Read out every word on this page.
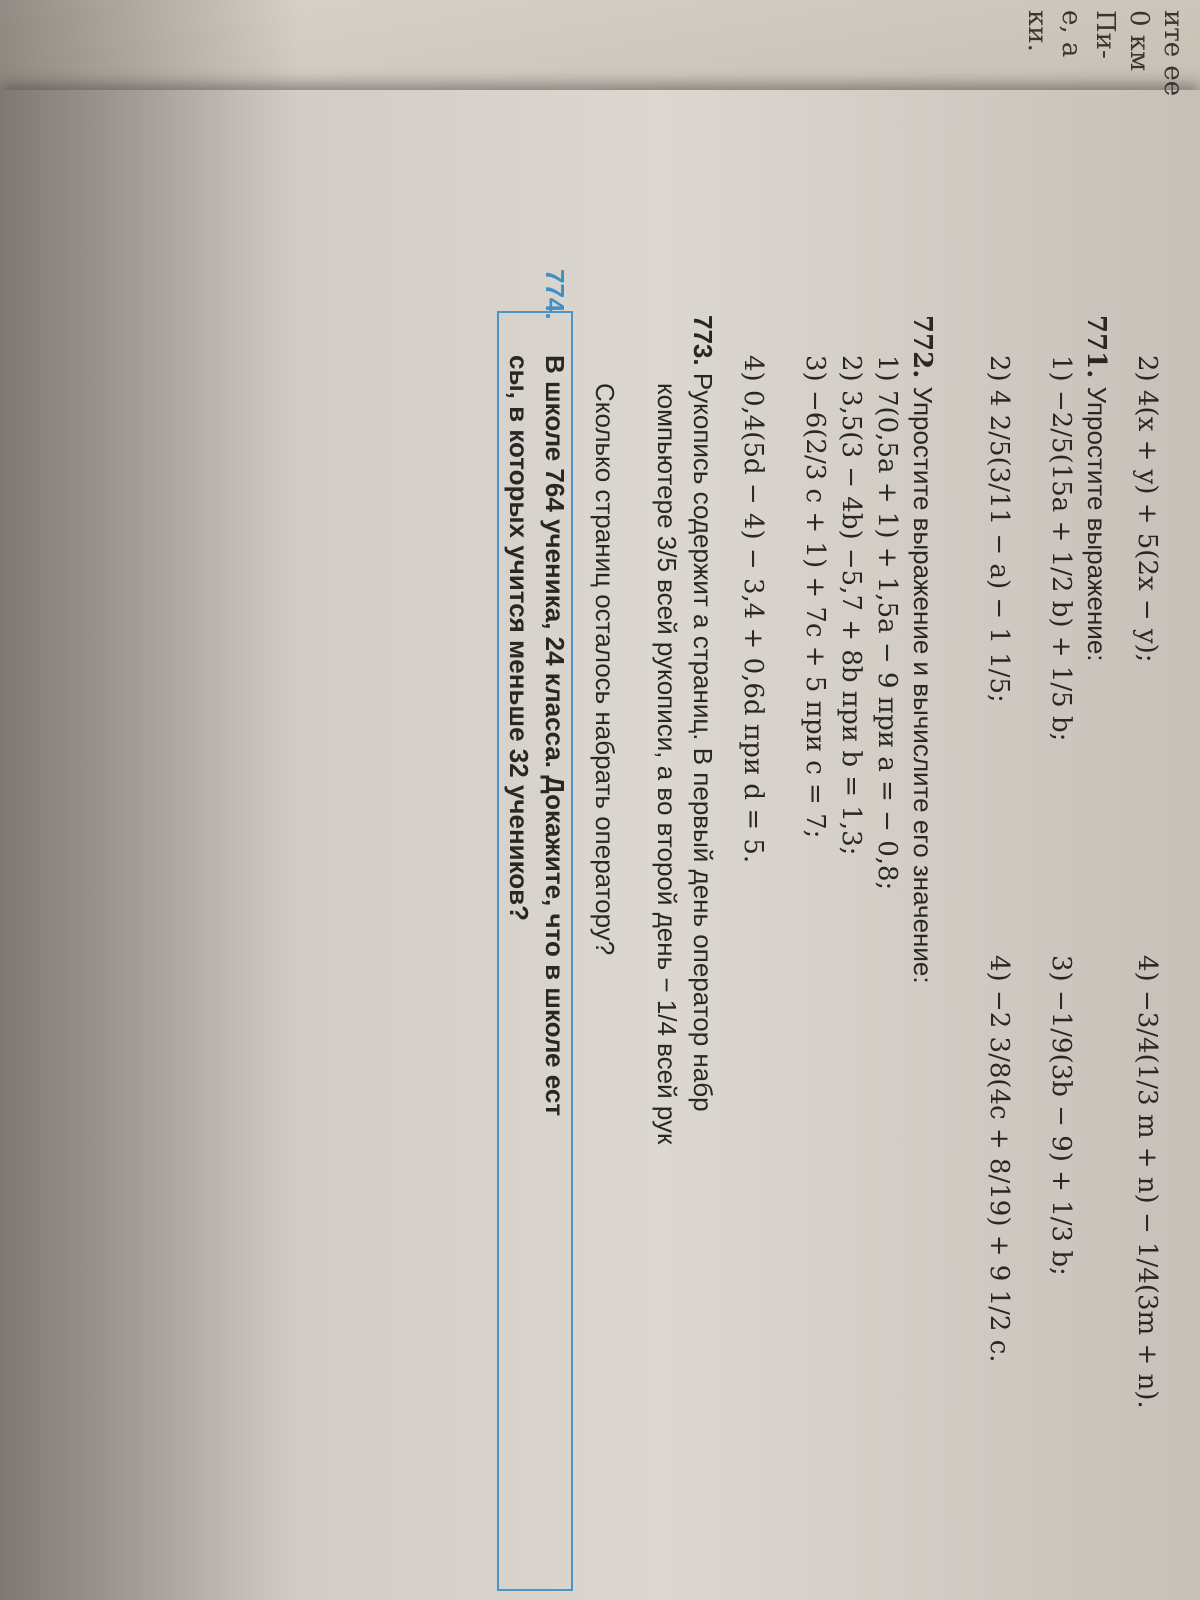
ите ее
0 км
Пи-
е, а
ки.
2) 4(x + y) + 5(2x − y);
4) −3/4(1/3 m + n) − 1/4(3m + n).
771. Упростите выражение:
1) −2/5(15a + 1/2 b) + 1/5 b;
3) −1/9(3b − 9) + 1/3 b;
2) 4 2/5(3/11 − a) − 1 1/5;
4) −2 3/8(4c + 8/19) + 9 1/2 c.
772. Упростите выражение и вычислите его значение:
1) 7(0,5a + 1) + 1,5a − 9 при a = − 0,8;
2) 3,5(3 − 4b) −5,7 + 8b при b = 1,3;
3) −6(2/3 c + 1) + 7c + 5 при c = 7;
4) 0,4(5d − 4) − 3,4 + 0,6d при d = 5.
773. Рукопись содержит a страниц. В первый день оператор набр
компьютере 3/5 всей рукописи, а во второй день − 1/4 всей рук
Сколько страниц осталось набрать оператору?
774.
В школе 764 ученика, 24 класса. Докажите, что в школе ест
сы, в которых учится меньше 32 учеников?
